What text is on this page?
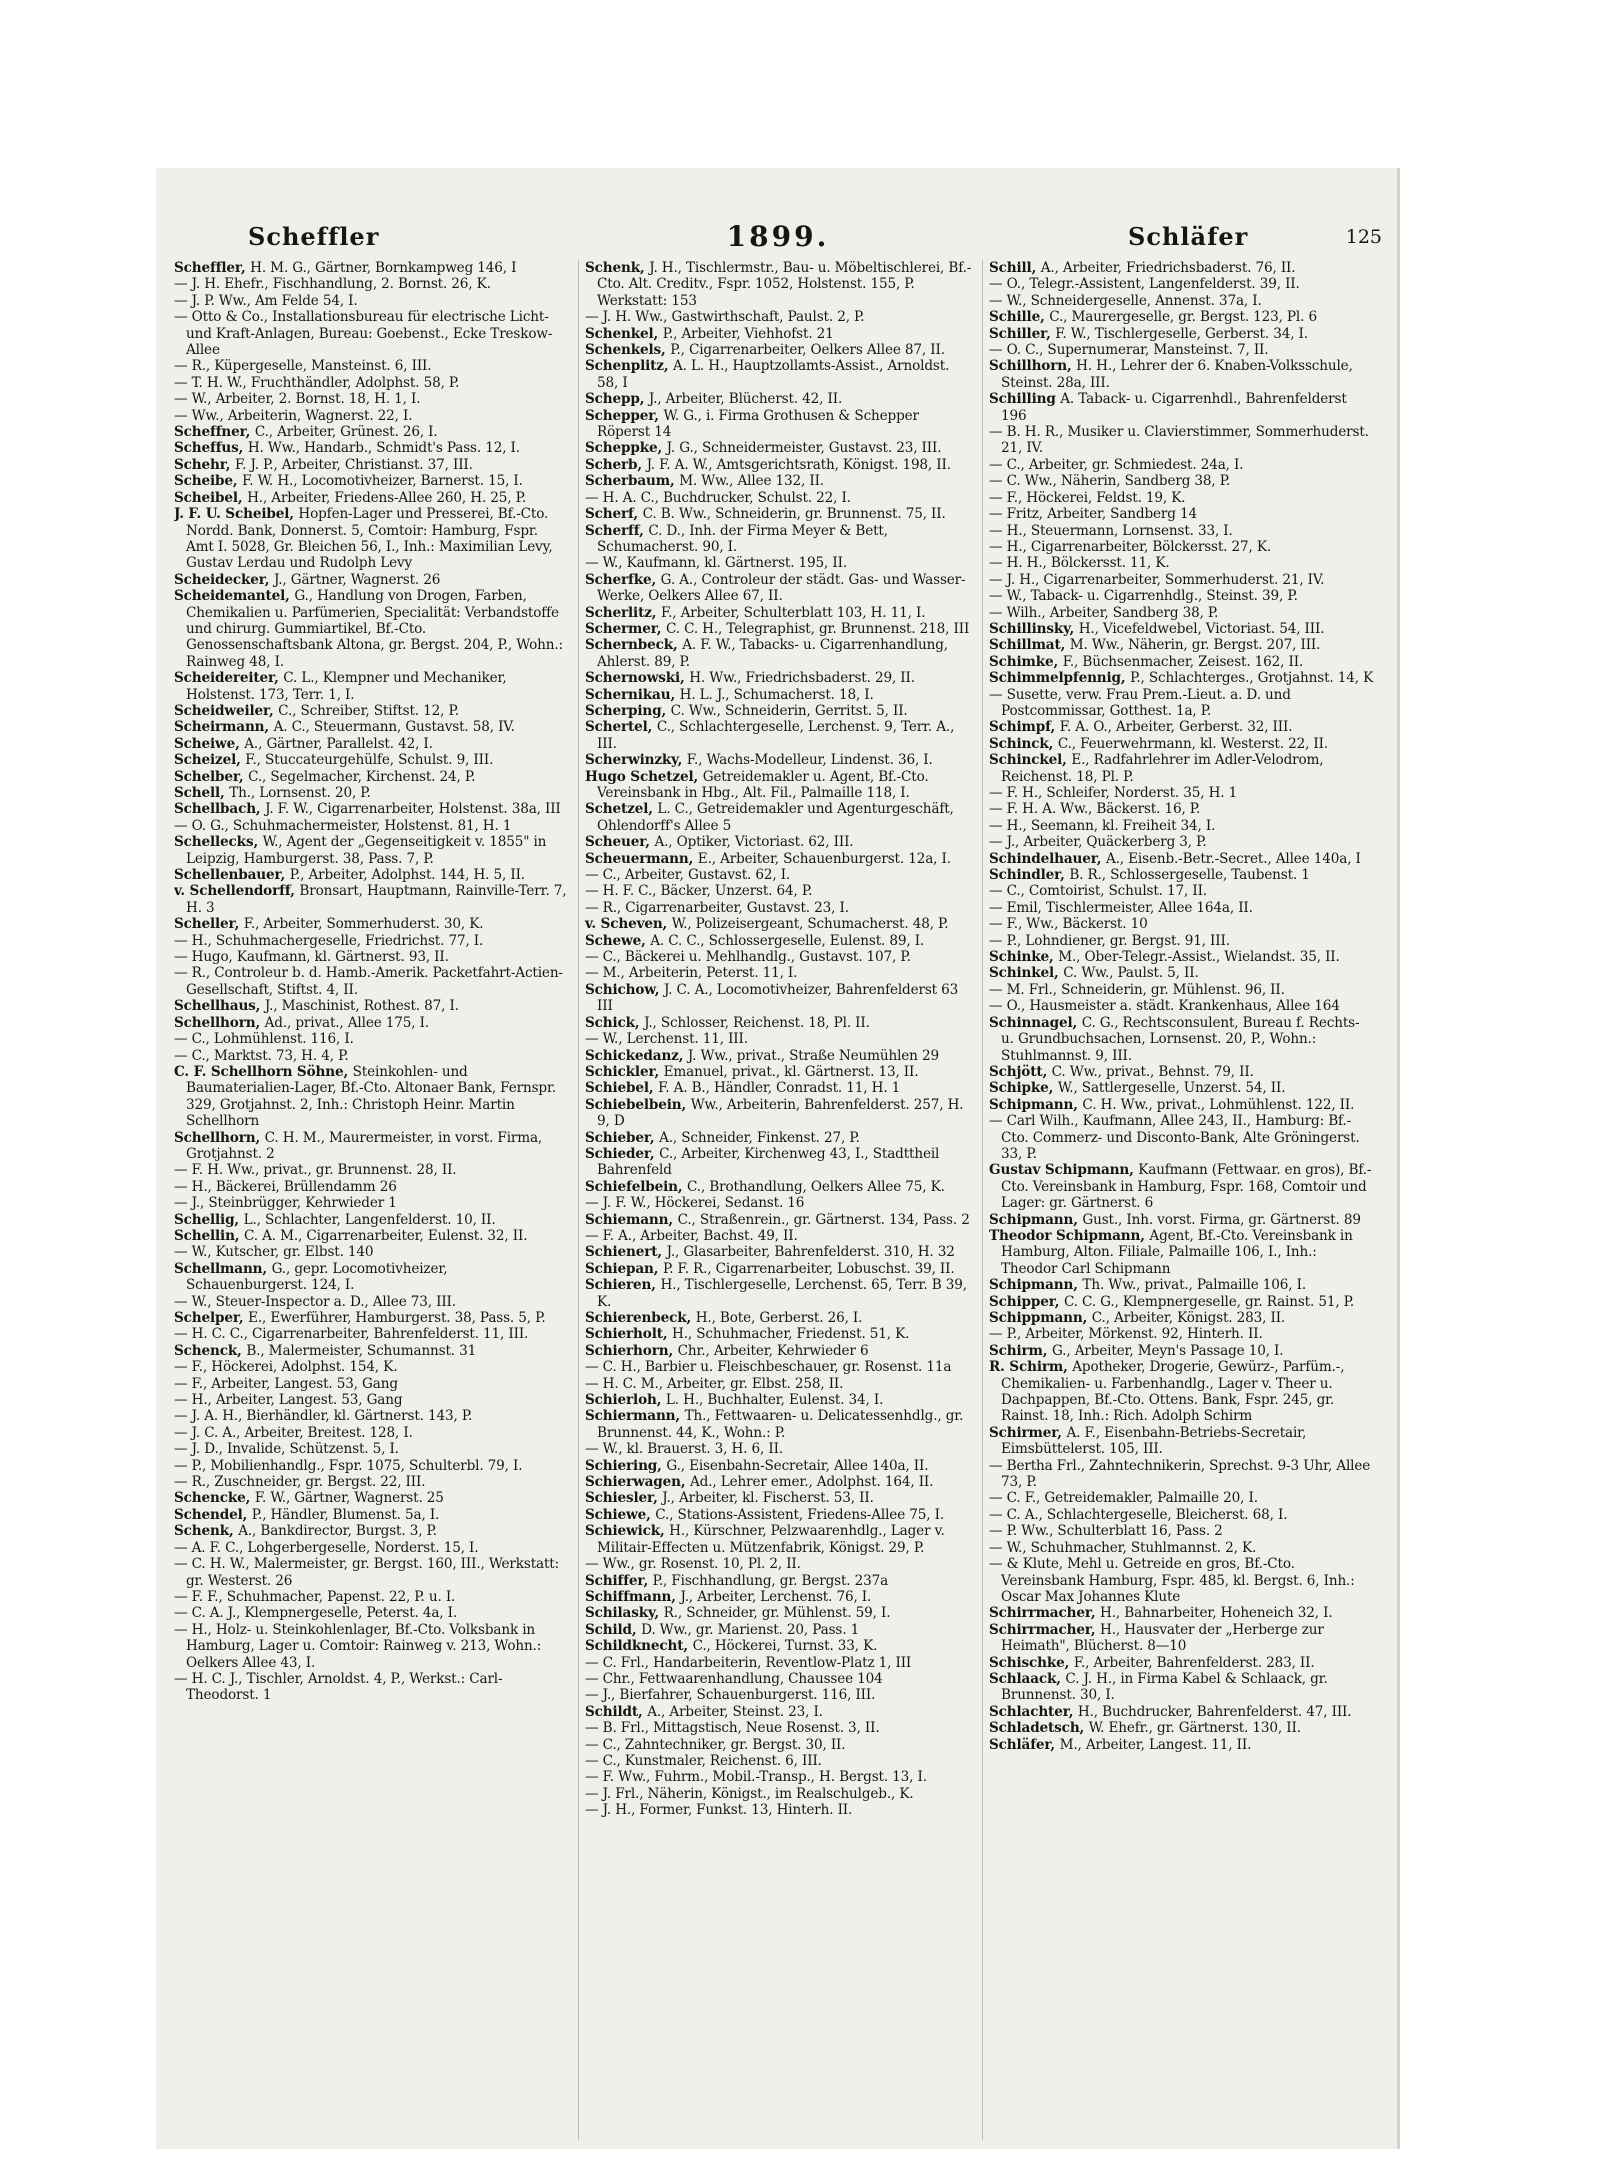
Scheffler	1899.	Schläfer	125
Scheffler, H. M. G., Gärtner, Bornkampweg 146, I
— J. H. Ehefr., Fischhandlung, 2. Bornst. 26, K.
— J. P. Ww., Am Felde 54, I.
— Otto & Co., Installationsbureau für electrische Licht- und Kraft-Anlagen, Bureau: Goebenst., Ecke Treskow-Allee
— R., Küpergeselle, Mansteinst. 6, III.
— T. H. W., Fruchthändler, Adolphst. 58, P.
— W., Arbeiter, 2. Bornst. 18, H. 1, I.
— Ww., Arbeiterin, Wagnerst. 22, I.
Scheffner, C., Arbeiter, Grünest. 26, I.
Scheffus, H. Ww., Handarb., Schmidt's Pass. 12, I.
Schehr, F. J. P., Arbeiter, Christianst. 37, III.
Scheibe, F. W. H., Locomotivheizer, Barnerst. 15, I.
Scheibel, H., Arbeiter, Friedens-Allee 260, H. 25, P.
J. F. U. Scheibel, Hopfen-Lager und Presserei, Bf.-Cto. Nordd. Bank, Donnerst. 5, Comtoir: Hamburg, Fspr. Amt I. 5028, Gr. Bleichen 56, I., Inh.: Maximilian Levy, Gustav Lerdau und Rudolph Levy
Scheidecker, J., Gärtner, Wagnerst. 26
Scheidemantel, G., Handlung von Drogen, Farben, Chemikalien u. Parfümerien, Specialität: Verbandstoffe und chirurg. Gummiartikel, Bf.-Cto. Genossenschaftsbank Altona, gr. Bergst. 204, P., Wohn.: Rainweg 48, I.
Scheidereiter, C. L., Klempner und Mechaniker, Holstenst. 173, Terr. 1, I.
Scheidweiler, C., Schreiber, Stiftst. 12, P.
Scheirmann, A. C., Steuermann, Gustavst. 58, IV.
Scheiwe, A., Gärtner, Parallelst. 42, I.
Scheizel, F., Stuccateurgehülfe, Schulst. 9, III.
Schelber, C., Segelmacher, Kirchenst. 24, P.
Schell, Th., Lornsenst. 20, P.
Schellbach, J. F. W., Cigarrenarbeiter, Holstenst. 38a, III
— O. G., Schuhmachermeister, Holstenst. 81, H. 1
Schellecks, W., Agent der „Gegenseitigkeit v. 1855" in Leipzig, Hamburgerst. 38, Pass. 7, P.
Schellenbauer, P., Arbeiter, Adolphst. 144, H. 5, II.
v. Schellendorff, Bronsart, Hauptmann, Rainville-Terr. 7, H. 3
Scheller, F., Arbeiter, Sommerhuderst. 30, K.
— H., Schuhmachergeselle, Friedrichst. 77, I.
— Hugo, Kaufmann, kl. Gärtnerst. 93, II.
— R., Controleur b. d. Hamb.-Amerik. Packetfahrt-Actien-Gesellschaft, Stiftst. 4, II.
Schellhaus, J., Maschinist, Rothest. 87, I.
Schellhorn, Ad., privat., Allee 175, I.
— C., Lohmühlenst. 116, I.
— C., Marktst. 73, H. 4, P.
C. F. Schellhorn Söhne, Steinkohlen- und Baumaterialien-Lager, Bf.-Cto. Altonaer Bank, Fernspr. 329, Grotjahnst. 2, Inh.: Christoph Heinr. Martin Schellhorn
Schellhorn, C. H. M., Maurermeister, in vorst. Firma, Grotjahnst. 2
— F. H. Ww., privat., gr. Brunnenst. 28, II.
— H., Bäckerei, Brüllendamm 26
— J., Steinbrügger, Kehrwieder 1
Schellig, L., Schlachter, Langenfelderst. 10, II.
Schellin, C. A. M., Cigarrenarbeiter, Eulenst. 32, II.
— W., Kutscher, gr. Elbst. 140
Schellmann, G., gepr. Locomotivheizer, Schauenburgerst. 124, I.
— W., Steuer-Inspector a. D., Allee 73, III.
Schelper, E., Ewerführer, Hamburgerst. 38, Pass. 5, P.
— H. C. C., Cigarrenarbeiter, Bahrenfelderst. 11, III.
Schenck, B., Malermeister, Schumannst. 31
— F., Höckerei, Adolphst. 154, K.
— F., Arbeiter, Langest. 53, Gang
— H., Arbeiter, Langest. 53, Gang
— J. A. H., Bierhändler, kl. Gärtnerst. 143, P.
— J. C. A., Arbeiter, Breitest. 128, I.
— J. D., Invalide, Schützenst. 5, I.
— P., Mobilienhandlg., Fspr. 1075, Schulterbl. 79, I.
— R., Zuschneider, gr. Bergst. 22, III.
Schencke, F. W., Gärtner, Wagnerst. 25
Schendel, P., Händler, Blumenst. 5a, I.
Schenk, A., Bankdirector, Burgst. 3, P.
— A. F. C., Lohgerbergeselle, Norderst. 15, I.
— C. H. W., Malermeister, gr. Bergst. 160, III., Werkstatt: gr. Westerst. 26
— F. F., Schuhmacher, Papenst. 22, P. u. I.
— C. A. J., Klempnergeselle, Peterst. 4a, I.
— H., Holz- u. Steinkohlenlager, Bf.-Cto. Volksbank in Hamburg, Lager u. Comtoir: Rainweg v. 213, Wohn.: Oelkers Allee 43, I.
— H. C. J., Tischler, Arnoldst. 4, P., Werkst.: Carl-Theodorst. 1
Schenk, J. H., Tischlermstr., Bau- u. Möbeltischlerei, Bf.-Cto. Alt. Creditv., Fspr. 1052, Holstenst. 155, P. Werkstatt: 153
— J. H. Ww., Gastwirthschaft, Paulst. 2, P.
Schenkel, P., Arbeiter, Viehhofst. 21
Schenkels, P., Cigarrenarbeiter, Oelkers Allee 87, II.
Schenplitz, A. L. H., Hauptzollamts-Assist., Arnoldst. 58, I
Schepp, J., Arbeiter, Blücherst. 42, II.
Schepper, W. G., i. Firma Grothusen & Schepper Röperst 14
Scheppke, J. G., Schneidermeister, Gustavst. 23, III.
Scherb, J. F. A. W., Amtsgerichtsrath, Königst. 198, II.
Scherbaum, M. Ww., Allee 132, II.
— H. A. C., Buchdrucker, Schulst. 22, I.
Scherf, C. B. Ww., Schneiderin, gr. Brunnenst. 75, II.
Scherff, C. D., Inh. der Firma Meyer & Bett, Schumacherst. 90, I.
— W., Kaufmann, kl. Gärtnerst. 195, II.
Scherfke, G. A., Controleur der städt. Gas- und Wasser-Werke, Oelkers Allee 67, II.
Scherlitz, F., Arbeiter, Schulterblatt 103, H. 11, I.
Schermer, C. C. H., Telegraphist, gr. Brunnenst. 218, III
Schernbeck, A. F. W., Tabacks- u. Cigarrenhandlung, Ahlerst. 89, P.
Schernowski, H. Ww., Friedrichsbaderst. 29, II.
Schernikau, H. L. J., Schumacherst. 18, I.
Scherping, C. Ww., Schneiderin, Gerritst. 5, II.
Schertel, C., Schlachtergeselle, Lerchenst. 9, Terr. A., III.
Scherwinzky, F., Wachs-Modelleur, Lindenst. 36, I.
Hugo Schetzel, Getreidemakler u. Agent, Bf.-Cto. Vereinsbank in Hbg., Alt. Fil., Palmaille 118, I.
Schetzel, L. C., Getreidemakler und Agenturgeschäft, Ohlendorff's Allee 5
Scheuer, A., Optiker, Victoriast. 62, III.
Scheuermann, E., Arbeiter, Schauenburgerst. 12a, I.
— C., Arbeiter, Gustavst. 62, I.
— H. F. C., Bäcker, Unzerst. 64, P.
— R., Cigarrenarbeiter, Gustavst. 23, I.
v. Scheven, W., Polizeisergeant, Schumacherst. 48, P.
Schewe, A. C. C., Schlossergeselle, Eulenst. 89, I.
— C., Bäckerei u. Mehlhandlg., Gustavst. 107, P.
— M., Arbeiterin, Peterst. 11, I.
Schichow, J. C. A., Locomotivheizer, Bahrenfelderst 63 III
Schick, J., Schlosser, Reichenst. 18, Pl. II.
— W., Lerchenst. 11, III.
Schickedanz, J. Ww., privat., Straße Neumühlen 29
Schickler, Emanuel, privat., kl. Gärtnerst. 13, II.
Schiebel, F. A. B., Händler, Conradst. 11, H. 1
Schiebelbein, Ww., Arbeiterin, Bahrenfelderst. 257, H. 9, D
Schieber, A., Schneider, Finkenst. 27, P.
Schieder, C., Arbeiter, Kirchenweg 43, I., Stadttheil Bahrenfeld
Schiefelbein, C., Brothandlung, Oelkers Allee 75, K.
— J. F. W., Höckerei, Sedanst. 16
Schiemann, C., Straßenrein., gr. Gärtnerst. 134, Pass. 2
— F. A., Arbeiter, Bachst. 49, II.
Schienert, J., Glasarbeiter, Bahrenfelderst. 310, H. 32
Schiepan, P. F. R., Cigarrenarbeiter, Lobuschst. 39, II.
Schieren, H., Tischlergeselle, Lerchenst. 65, Terr. B 39, K.
Schierenbeck, H., Bote, Gerberst. 26, I.
Schierholt, H., Schuhmacher, Friedenst. 51, K.
Schierhorn, Chr., Arbeiter, Kehrwieder 6
— C. H., Barbier u. Fleischbeschauer, gr. Rosenst. 11a
— H. C. M., Arbeiter, gr. Elbst. 258, II.
Schierloh, L. H., Buchhalter, Eulenst. 34, I.
Schiermann, Th., Fettwaaren- u. Delicatessenhdlg., gr. Brunnenst. 44, K., Wohn.: P.
— W., kl. Brauerst. 3, H. 6, II.
Schiering, G., Eisenbahn-Secretair, Allee 140a, II.
Schierwagen, Ad., Lehrer emer., Adolphst. 164, II.
Schiesler, J., Arbeiter, kl. Fischerst. 53, II.
Schiewe, C., Stations-Assistent, Friedens-Allee 75, I.
Schiewick, H., Kürschner, Pelzwaarenhdlg., Lager v. Militair-Effecten u. Mützenfabrik, Königst. 29, P.
— Ww., gr. Rosenst. 10, Pl. 2, II.
Schiffer, P., Fischhandlung, gr. Bergst. 237a
Schiffmann, J., Arbeiter, Lerchenst. 76, I.
Schilasky, R., Schneider, gr. Mühlenst. 59, I.
Schild, D. Ww., gr. Marienst. 20, Pass. 1
Schildknecht, C., Höckerei, Turnst. 33, K.
— C. Frl., Handarbeiterin, Reventlow-Platz 1, III
— Chr., Fettwaarenhandlung, Chaussee 104
— J., Bierfahrer, Schauenburgerst. 116, III.
Schildt, A., Arbeiter, Steinst. 23, I.
— B. Frl., Mittagstisch, Neue Rosenst. 3, II.
— C., Zahntechniker, gr. Bergst. 30, II.
— C., Kunstmaler, Reichenst. 6, III.
— F. Ww., Fuhrm., Mobil.-Transp., H. Bergst. 13, I.
— J. Frl., Näherin, Königst., im Realschulgeb., K.
— J. H., Former, Funkst. 13, Hinterh. II.
Schill, A., Arbeiter, Friedrichsbaderst. 76, II.
— O., Telegr.-Assistent, Langenfelderst. 39, II.
— W., Schneidergeselle, Annenst. 37a, I.
Schille, C., Maurergeselle, gr. Bergst. 123, Pl. 6
Schiller, F. W., Tischlergeselle, Gerberst. 34, I.
— O. C., Supernumerar, Mansteinst. 7, II.
Schillhorn, H. H., Lehrer der 6. Knaben-Volksschule, Steinst. 28a, III.
Schilling A. Taback- u. Cigarrenhdl., Bahrenfelderst 196
— B. H. R., Musiker u. Clavierstimmer, Sommerhuderst. 21, IV.
— C., Arbeiter, gr. Schmiedest. 24a, I.
— C. Ww., Näherin, Sandberg 38, P.
— F., Höckerei, Feldst. 19, K.
— Fritz, Arbeiter, Sandberg 14
— H., Steuermann, Lornsenst. 33, I.
— H., Cigarrenarbeiter, Bölckersst. 27, K.
— H. H., Bölckersst. 11, K.
— J. H., Cigarrenarbeiter, Sommerhuderst. 21, IV.
— W., Taback- u. Cigarrenhdlg., Steinst. 39, P.
— Wilh., Arbeiter, Sandberg 38, P.
Schillinsky, H., Vicefeldwebel, Victoriast. 54, III.
Schillmat, M. Ww., Näherin, gr. Bergst. 207, III.
Schimke, F., Büchsenmacher, Zeisest. 162, II.
Schimmelpfennig, P., Schlachterges., Grotjahnst. 14, K
— Susette, verw. Frau Prem.-Lieut. a. D. und Postcommissar, Gotthest. 1a, P.
Schimpf, F. A. O., Arbeiter, Gerberst. 32, III.
Schinck, C., Feuerwehrmann, kl. Westerst. 22, II.
Schinckel, E., Radfahrlehrer im Adler-Velodrom, Reichenst. 18, Pl. P.
— F. H., Schleifer, Norderst. 35, H. 1
— F. H. A. Ww., Bäckerst. 16, P.
— H., Seemann, kl. Freiheit 34, I.
— J., Arbeiter, Quäckerberg 3, P.
Schindelhauer, A., Eisenb.-Betr.-Secret., Allee 140a, I
Schindler, B. R., Schlossergeselle, Taubenst. 1
— C., Comtoirist, Schulst. 17, II.
— Emil, Tischlermeister, Allee 164a, II.
— F., Ww., Bäckerst. 10
— P., Lohndiener, gr. Bergst. 91, III.
Schinke, M., Ober-Telegr.-Assist., Wielandst. 35, II.
Schinkel, C. Ww., Paulst. 5, II.
— M. Frl., Schneiderin, gr. Mühlenst. 96, II.
— O., Hausmeister a. städt. Krankenhaus, Allee 164
Schinnagel, C. G., Rechtsconsulent, Bureau f. Rechts- u. Grundbuchsachen, Lornsenst. 20, P., Wohn.: Stuhlmannst. 9, III.
Schjött, C. Ww., privat., Behnst. 79, II.
Schipke, W., Sattlergeselle, Unzerst. 54, II.
Schipmann, C. H. Ww., privat., Lohmühlenst. 122, II.
— Carl Wilh., Kaufmann, Allee 243, II., Hamburg: Bf.-Cto. Commerz- und Disconto-Bank, Alte Gröningerst. 33, P.
Gustav Schipmann, Kaufmann (Fettwaar. en gros), Bf.-Cto. Vereinsbank in Hamburg, Fspr. 168, Comtoir und Lager: gr. Gärtnerst. 6
Schipmann, Gust., Inh. vorst. Firma, gr. Gärtnerst. 89
Theodor Schipmann, Agent, Bf.-Cto. Vereinsbank in Hamburg, Alton. Filiale, Palmaille 106, I., Inh.: Theodor Carl Schipmann
Schipmann, Th. Ww., privat., Palmaille 106, I.
Schipper, C. C. G., Klempnergeselle, gr. Rainst. 51, P.
Schippmann, C., Arbeiter, Königst. 283, II.
— P., Arbeiter, Mörkenst. 92, Hinterh. II.
Schirm, G., Arbeiter, Meyn's Passage 10, I.
R. Schirm, Apotheker, Drogerie, Gewürz-, Parfüm.-, Chemikalien- u. Farbenhandlg., Lager v. Theer u. Dachpappen, Bf.-Cto. Ottens. Bank, Fspr. 245, gr. Rainst. 18, Inh.: Rich. Adolph Schirm
Schirmer, A. F., Eisenbahn-Betriebs-Secretair, Eimsbüttelerst. 105, III.
— Bertha Frl., Zahntechnikerin, Sprechst. 9-3 Uhr, Allee 73, P.
— C. F., Getreidemakler, Palmaille 20, I.
— C. A., Schlachtergeselle, Bleicherst. 68, I.
— P. Ww., Schulterblatt 16, Pass. 2
— W., Schuhmacher, Stuhlmannst. 2, K.
— & Klute, Mehl u. Getreide en gros, Bf.-Cto. Vereinsbank Hamburg, Fspr. 485, kl. Bergst. 6, Inh.: Oscar Max Johannes Klute
Schirrmacher, H., Bahnarbeiter, Hoheneich 32, I.
Schirrmacher, H., Hausvater der „Herberge zur Heimath", Blücherst. 8—10
Schischke, F., Arbeiter, Bahrenfelderst. 283, II.
Schlaack, C. J. H., in Firma Kabel & Schlaack, gr. Brunnenst. 30, I.
Schlachter, H., Buchdrucker, Bahrenfelderst. 47, III.
Schladetsch, W. Ehefr., gr. Gärtnerst. 130, II.
Schläfer, M., Arbeiter, Langest. 11, II.
